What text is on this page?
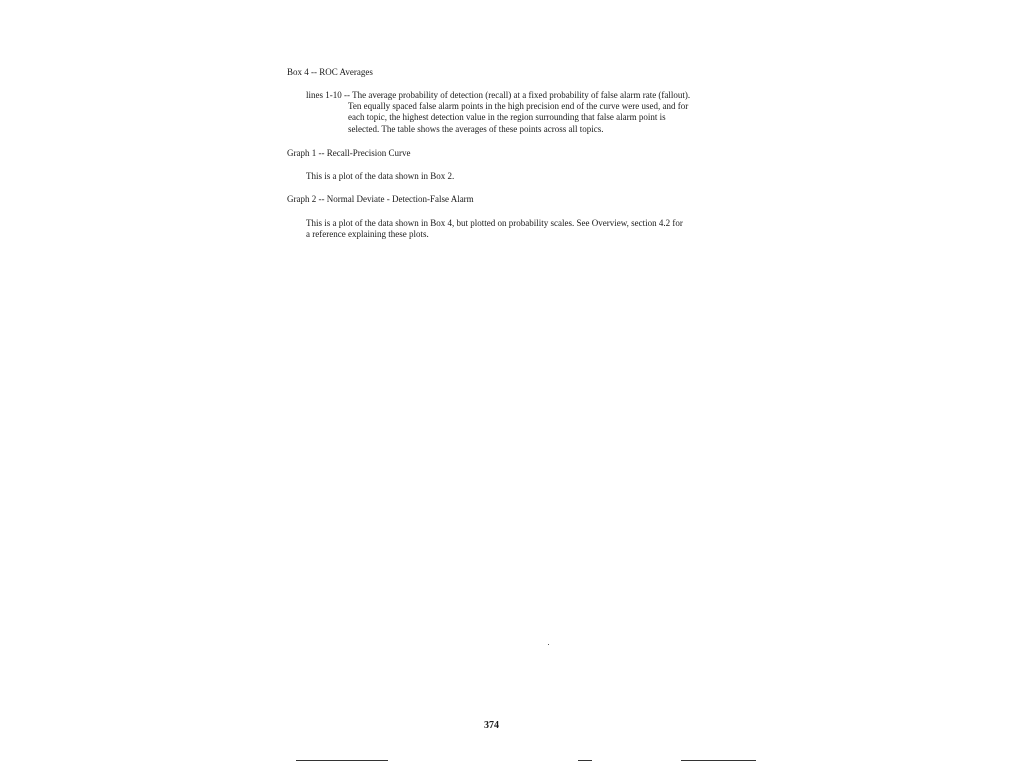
Box 4 -- ROC Averages
lines 1-10 -- The average probability of detection (recall) at a fixed probability of false alarm rate (fallout).
Ten equally spaced false alarm points in the high precision end of the curve were used, and for
each topic, the highest detection value in the region surrounding that false alarm point is
selected. The table shows the averages of these points across all topics.
Graph 1 -- Recall-Precision Curve
This is a plot of the data shown in Box 2.
Graph 2 -- Normal Deviate - Detection-False Alarm
This is a plot of the data shown in Box 4, but plotted on probability scales. See Overview, section 4.2 for
a reference explaining these plots.
374
